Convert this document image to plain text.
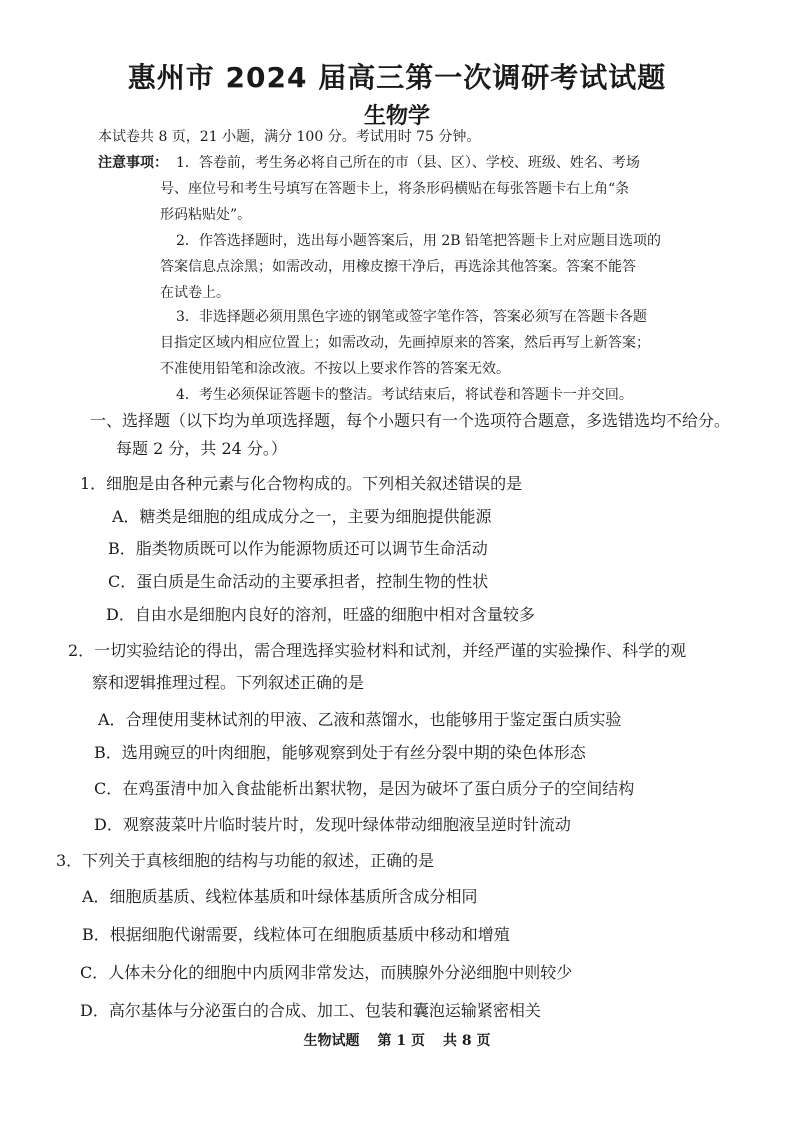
惠州市 2024 届高三第一次调研考试试题
生物学
本试卷共 8 页，21 小题，满分 100 分。考试用时 75 分钟。
注意事项： 1．答卷前，考生务必将自己所在的市（县、区）、学校、班级、姓名、考场
号、座位号和考生号填写在答题卡上，将条形码横贴在每张答题卡右上角“条
形码粘贴处”。
2．作答选择题时，选出每小题答案后，用 2B 铅笔把答题卡上对应题目选项的
答案信息点涂黑；如需改动，用橡皮擦干净后，再选涂其他答案。答案不能答
在试卷上。
3．非选择题必须用黑色字迹的钢笔或签字笔作答，答案必须写在答题卡各题
目指定区域内相应位置上；如需改动，先画掉原来的答案，然后再写上新答案；
不准使用铅笔和涂改液。不按以上要求作答的答案无效。
4．考生必须保证答题卡的整洁。考试结束后，将试卷和答题卡一并交回。
一、选择题（以下均为单项选择题，每个小题只有一个选项符合题意，多选错选均不给分。
每题 2 分，共 24 分。）
1．细胞是由各种元素与化合物构成的。下列相关叙述错误的是
A．糖类是细胞的组成成分之一，主要为细胞提供能源
B．脂类物质既可以作为能源物质还可以调节生命活动
C．蛋白质是生命活动的主要承担者，控制生物的性状
D．自由水是细胞内良好的溶剂，旺盛的细胞中相对含量较多
2．一切实验结论的得出，需合理选择实验材料和试剂，并经严谨的实验操作、科学的观
察和逻辑推理过程。下列叙述正确的是
A．合理使用斐林试剂的甲液、乙液和蒸馏水，也能够用于鉴定蛋白质实验
B．选用豌豆的叶肉细胞，能够观察到处于有丝分裂中期的染色体形态
C．在鸡蛋清中加入食盐能析出絮状物，是因为破坏了蛋白质分子的空间结构
D．观察菠菜叶片临时装片时，发现叶绿体带动细胞液呈逆时针流动
3．下列关于真核细胞的结构与功能的叙述，正确的是
A．细胞质基质、线粒体基质和叶绿体基质所含成分相同
B．根据细胞代谢需要，线粒体可在细胞质基质中移动和增殖
C．人体未分化的细胞中内质网非常发达，而胰腺外分泌细胞中则较少
D．高尔基体与分泌蛋白的合成、加工、包装和囊泡运输紧密相关
生物试题 第 1 页 共 8 页
